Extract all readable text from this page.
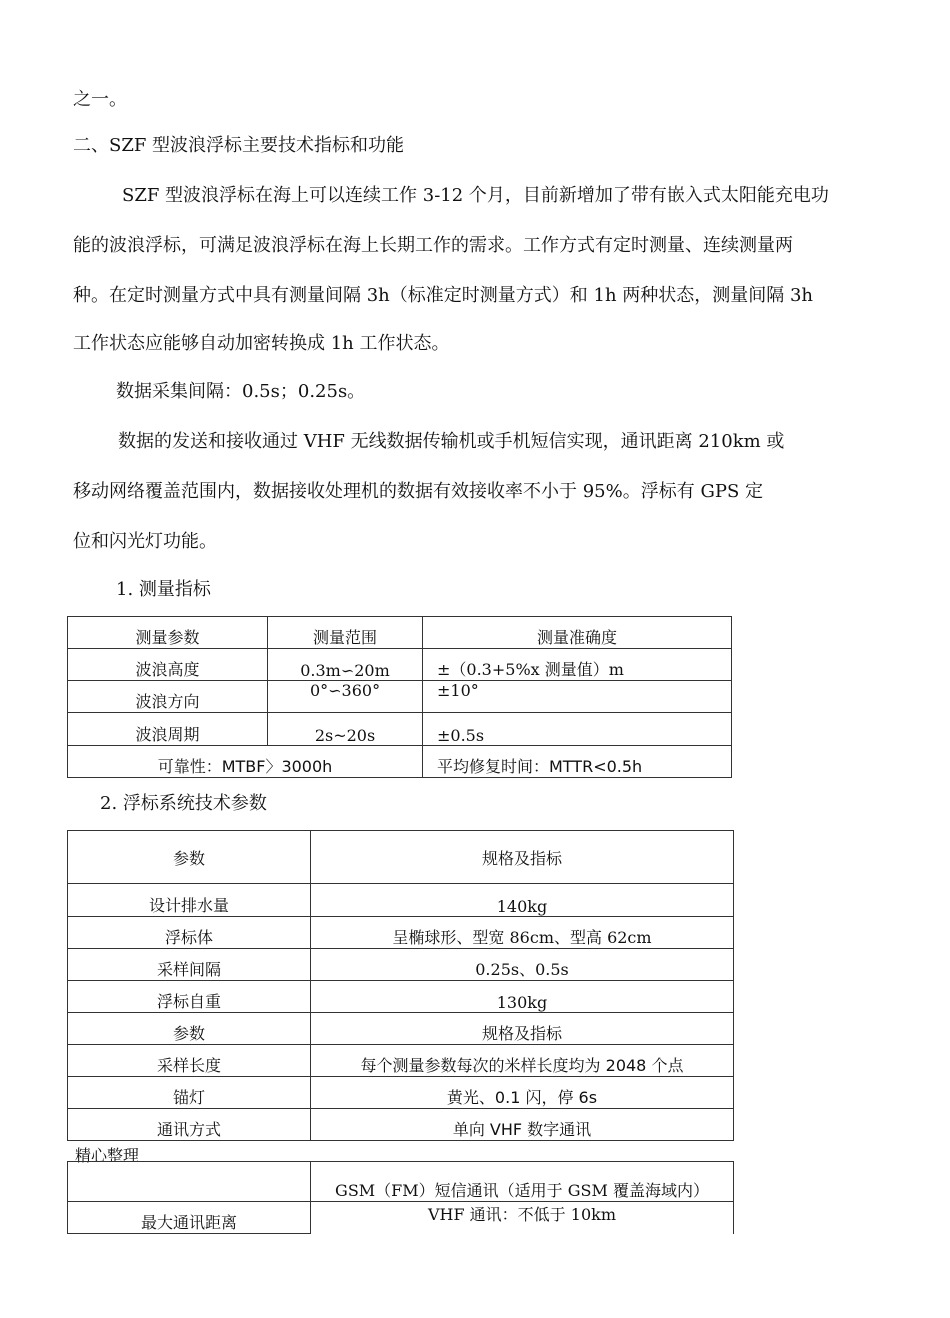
之一。
二、SZF 型波浪浮标主要技术指标和功能
SZF 型波浪浮标在海上可以连续工作 3-12 个月，目前新增加了带有嵌入式太阳能充电功
能的波浪浮标，可满足波浪浮标在海上长期工作的需求。工作方式有定时测量、连续测量两
种。在定时测量方式中具有测量间隔 3h（标准定时测量方式）和 1h 两种状态，测量间隔 3h
工作状态应能够自动加密转换成 1h 工作状态。
数据采集间隔：0.5s；0.25s。
数据的发送和接收通过 VHF 无线数据传输机或手机短信实现，通讯距离 210km 或
移动网络覆盖范围内，数据接收处理机的数据有效接收率不小于 95%。浮标有 GPS 定
位和闪光灯功能。
1. 测量指标
测量参数	测量范围	测量准确度
波浪高度	0.3m∽20m	±（0.3+5%x 测量值）m
波浪方向	0°∽360°	±10°
波浪周期	2s~20s	±0.5s
可靠性：MTBF〉3000h		平均修复时间：MTTR<0.5h
2. 浮标系统技术参数
参数	规格及指标
设计排水量	140kg
浮标体	呈椭球形、型宽 86cm、型高 62cm
采样间隔	0.25s、0.5s
浮标自重	130kg
参数	规格及指标
采样长度	每个测量参数每次的米样长度均为 2048 个点
锚灯	黄光、0.1 闪，停 6s
通讯方式	单向 VHF 数字通讯
精心整理
	GSM（FM）短信通讯（适用于 GSM 覆盖海域内）
最大通讯距离	VHF 通讯：不低于 10km
